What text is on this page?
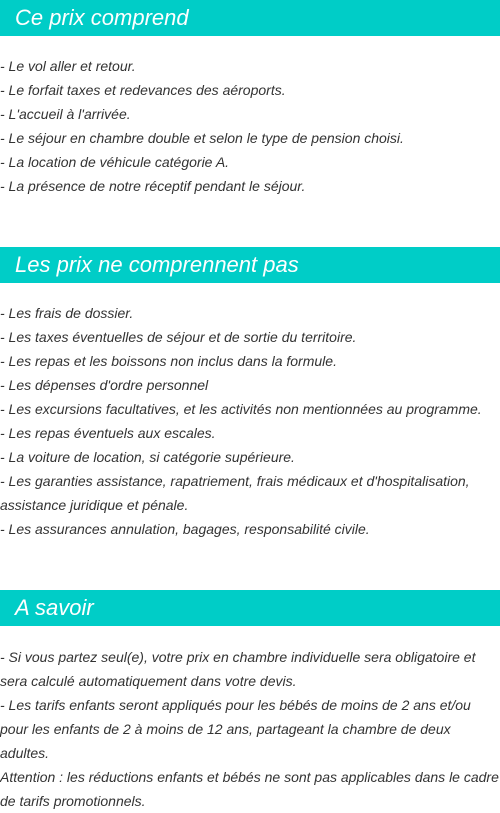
Ce prix comprend
- Le vol aller et retour.
- Le forfait taxes et redevances des aéroports.
- L'accueil à l'arrivée.
- Le séjour en chambre double et selon le type de pension choisi.
- La location de véhicule catégorie A.
- La présence de notre réceptif pendant le séjour.
Les prix ne comprennent pas
- Les frais de dossier.
- Les taxes éventuelles de séjour et de sortie du territoire.
- Les repas et les boissons non inclus dans la formule.
- Les dépenses d'ordre personnel
- Les excursions facultatives, et les activités non mentionnées au programme.
- Les repas éventuels aux escales.
- La voiture de location, si catégorie supérieure.
- Les garanties assistance, rapatriement, frais médicaux et d'hospitalisation, assistance juridique et pénale.
- Les assurances annulation, bagages, responsabilité civile.
A savoir
- Si vous partez seul(e), votre prix en chambre individuelle sera obligatoire et sera calculé automatiquement dans votre devis.
- Les tarifs enfants seront appliqués pour les bébés de moins de 2 ans et/ou pour les enfants de 2 à moins de 12 ans, partageant la chambre de deux adultes.
Attention : les réductions enfants et bébés ne sont pas applicables dans le cadre de tarifs promotionnels.
